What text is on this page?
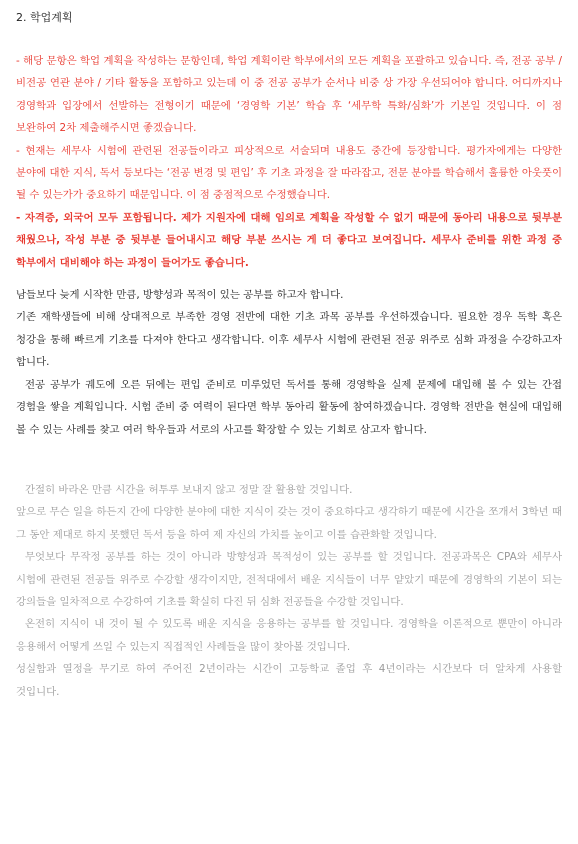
2. 학업계획

- 해당 문항은 학업 계획을 작성하는 문항인데, 학업 계획이란 학부에서의 모든 계획을 포괄하고 있습니다. 즉, 전공 공부 / 비전공 연관 분야 / 기타 활동을 포함하고 있는데 이 중 전공 공부가 순서나 비중 상 가장 우선되어야 합니다. 어디까지나 경영학과 입장에서 선발하는 전형이기 때문에 ‘경영학 기본’ 학습 후 ‘세무학 특화/심화’가 기본일 것입니다. 이 점 보완하여 2차 제출해주시면 좋겠습니다.

- 현재는 세무사 시험에 관련된 전공들이라고 피상적으로 서술되며 내용도 중간에 등장합니다. 평가자에게는 다양한 분야에 대한 지식, 독서 등보다는 ‘전공 변경 및 편입’ 후 기초 과정을 잘 따라잡고, 전문 분야를 학습해서 훌륭한 아웃풋이 될 수 있는가가 중요하기 때문입니다. 이 점 중점적으로 수정했습니다.

- 자격증, 외국어 모두 포함됩니다. 제가 지원자에 대해 임의로 계획을 작성할 수 없기 때문에 동아리 내용으로 뒷부분 채웠으나, 작성 부분 중 뒷부분 들어내시고 해당 부분 쓰시는 게 더 좋다고 보여집니다. 세무사 준비를 위한 과정 중 학부에서 대비해야 하는 과정이 들어가도 좋습니다.

남들보다 늦게 시작한 만큼, 방향성과 목적이 있는 공부를 하고자 합니다.

기존 재학생들에 비해 상대적으로 부족한 경영 전반에 대한 기초 과목 공부를 우선하겠습니다. 필요한 경우 독학 혹은 청강을 통해 빠르게 기초를 다져야 한다고 생각합니다. 이후 세무사 시험에 관련된 전공 위주로 심화 과정을 수강하고자 합니다.

전공 공부가 궤도에 오른 뒤에는 편입 준비로 미루었던 독서를 통해 경영학을 실제 문제에 대입해 볼 수 있는 간접 경험을 쌓을 계획입니다. 시험 준비 중 여력이 된다면 학부 동아리 활동에 참여하겠습니다. 경영학 전반을 현실에 대입해 볼 수 있는 사례를 찾고 여러 학우들과 서로의 사고를 확장할 수 있는 기회로 삼고자 합니다.

간절히 바라온 만큼 시간을 허투루 보내지 않고 정말 잘 활용할 것입니다.

앞으로 무슨 일을 하든지 간에 다양한 분야에 대한 지식이 갖는 것이 중요하다고 생각하기 때문에 시간을 쪼개서 3학년 때 그 동안 제대로 하지 못했던 독서 등을 하여 제 자신의 가치를 높이고 이를 습관화할 것입니다.

무엇보다 무작정 공부를 하는 것이 아니라 방향성과 목적성이 있는 공부를 할 것입니다. 전공과목은 CPA와 세무사 시험에 관련된 전공들 위주로 수강할 생각이지만, 전적대에서 배운 지식들이 너무 얕았기 때문에 경영학의 기본이 되는 강의들을 일차적으로 수강하여 기초를 확실히 다진 뒤 심화 전공들을 수강할 것입니다.

온전히 지식이 내 것이 될 수 있도록 배운 지식을 응용하는 공부를 할 것입니다. 경영학을 이론적으로 뿐만이 아니라 응용해서 어떻게 쓰일 수 있는지 직접적인 사례들을 많이 찾아볼 것입니다.

성실함과 열정을 무기로 하여 주어진 2년이라는 시간이 고등학교 졸업 후 4년이라는 시간보다 더 알차게 사용할 것입니다.
